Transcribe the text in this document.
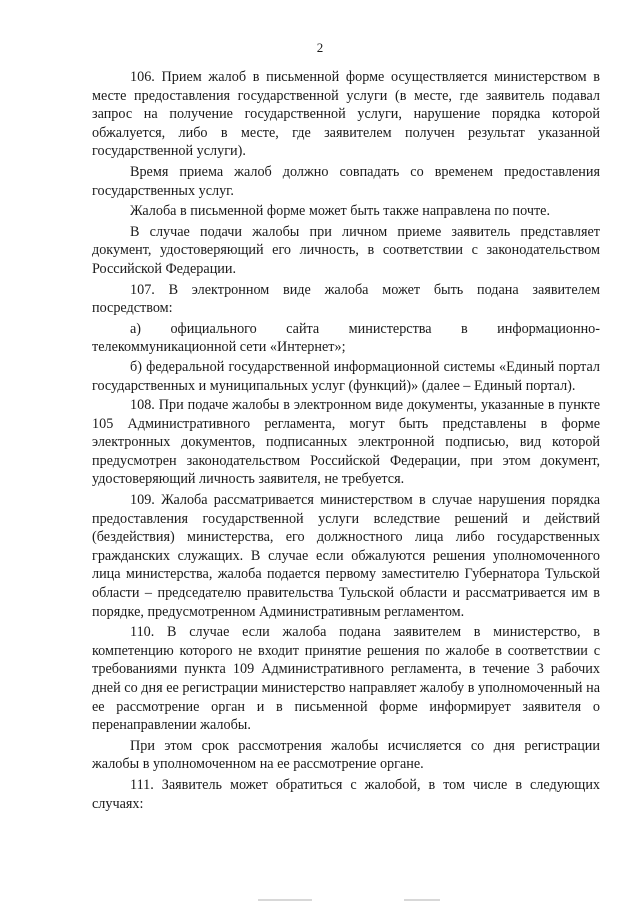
2

106. Прием жалоб в письменной форме осуществляется министерством в месте предоставления государственной услуги (в месте, где заявитель подавал запрос на получение государственной услуги, нарушение порядка которой обжалуется, либо в месте, где заявителем получен результат указанной государственной услуги).

Время приема жалоб должно совпадать со временем предоставления государственных услуг.

Жалоба в письменной форме может быть также направлена по почте.

В случае подачи жалобы при личном приеме заявитель представляет документ, удостоверяющий его личность, в соответствии с законодательством Российской Федерации.

107. В электронном виде жалоба может быть подана заявителем посредством:

а) официального сайта министерства в информационно-телекоммуникационной сети «Интернет»;

б) федеральной государственной информационной системы «Единый портал государственных и муниципальных услуг (функций)» (далее – Единый портал).

108. При подаче жалобы в электронном виде документы, указанные в пункте 105 Административного регламента, могут быть представлены в форме электронных документов, подписанных электронной подписью, вид которой предусмотрен законодательством Российской Федерации, при этом документ, удостоверяющий личность заявителя, не требуется.

109. Жалоба рассматривается министерством в случае нарушения порядка предоставления государственной услуги вследствие решений и действий (бездействия) министерства, его должностного лица либо государственных гражданских служащих. В случае если обжалуются решения уполномоченного лица министерства, жалоба подается первому заместителю Губернатора Тульской области – председателю правительства Тульской области и рассматривается им в порядке, предусмотренном Административным регламентом.

110. В случае если жалоба подана заявителем в министерство, в компетенцию которого не входит принятие решения по жалобе в соответствии с требованиями пункта 109 Административного регламента, в течение 3 рабочих дней со дня ее регистрации министерство направляет жалобу в уполномоченный на ее рассмотрение орган и в письменной форме информирует заявителя о перенаправлении жалобы.

При этом срок рассмотрения жалобы исчисляется со дня регистрации жалобы в уполномоченном на ее рассмотрение органе.

111. Заявитель может обратиться с жалобой, в том числе в следующих случаях:
